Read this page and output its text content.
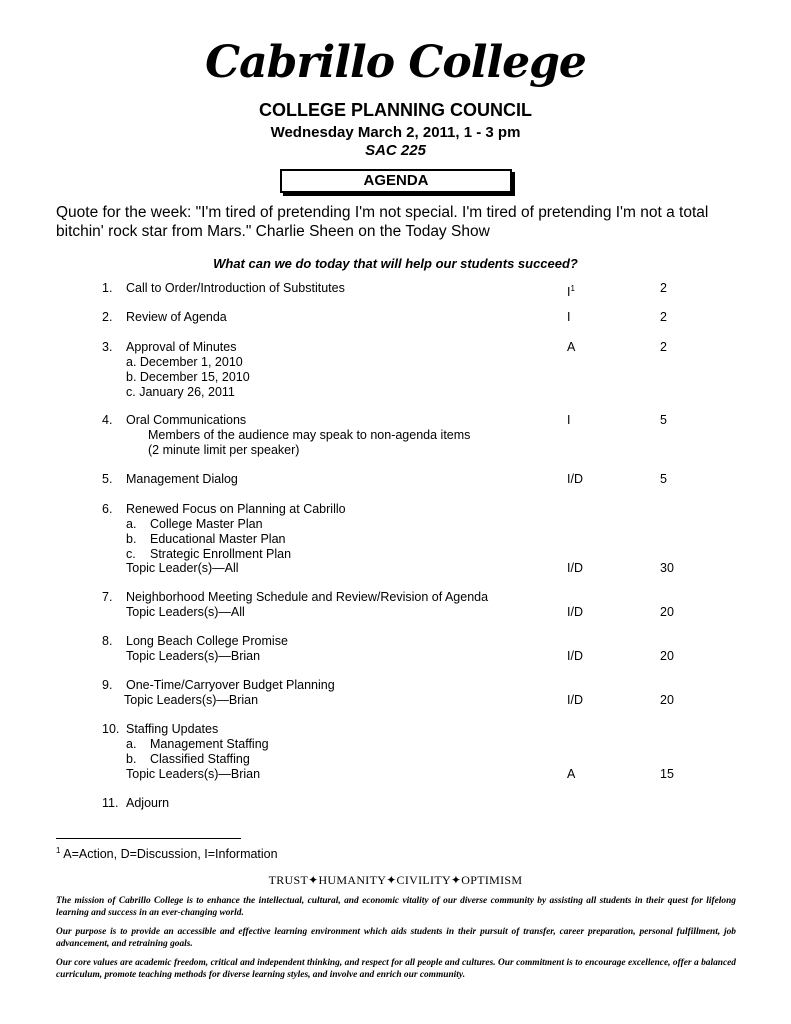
Cabrillo College
COLLEGE PLANNING COUNCIL
Wednesday March 2, 2011, 1 - 3 pm
SAC 225
AGENDA
Quote for the week: "I'm tired of pretending I'm not special. I'm tired of pretending I'm not a total bitchin' rock star from Mars." Charlie Sheen on the Today Show
What can we do today that will help our students succeed?
1. Call to Order/Introduction of Substitutes	$I^1$	2
2. Review of Agenda	I	2
3. Approval of Minutes	A	2
a. December 1, 2010
b. December 15, 2010
c. January 26, 2011
4. Oral Communications	I	5
Members of the audience may speak to non-agenda items
(2 minute limit per speaker)
5. Management Dialog	I/D	5
6. Renewed Focus on Planning at Cabrillo
a. College Master Plan
b. Educational Master Plan
c. Strategic Enrollment Plan
Topic Leader(s)—All	I/D	30
7. Neighborhood Meeting Schedule and Review/Revision of Agenda
Topic Leaders(s)—All	I/D	20
8. Long Beach College Promise
Topic Leaders(s)—Brian	I/D	20
9. One-Time/Carryover Budget Planning
Topic Leaders(s)—Brian	I/D	20
10. Staffing Updates
a. Management Staffing
b. Classified Staffing
Topic Leaders(s)—Brian	A	15
11. Adjourn
$^1$ A=Action, D=Discussion, I=Information
TRUST✦HUMANITY✦CIVILITY✦OPTIMISM
The mission of Cabrillo College is to enhance the intellectual, cultural, and economic vitality of our diverse community by assisting all students in their quest for lifelong learning and success in an ever-changing world.
Our purpose is to provide an accessible and effective learning environment which aids students in their pursuit of transfer, career preparation, personal fulfillment, job advancement, and retraining goals.
Our core values are academic freedom, critical and independent thinking, and respect for all people and cultures. Our commitment is to encourage excellence, offer a balanced curriculum, promote teaching methods for diverse learning styles, and involve and enrich our community.
